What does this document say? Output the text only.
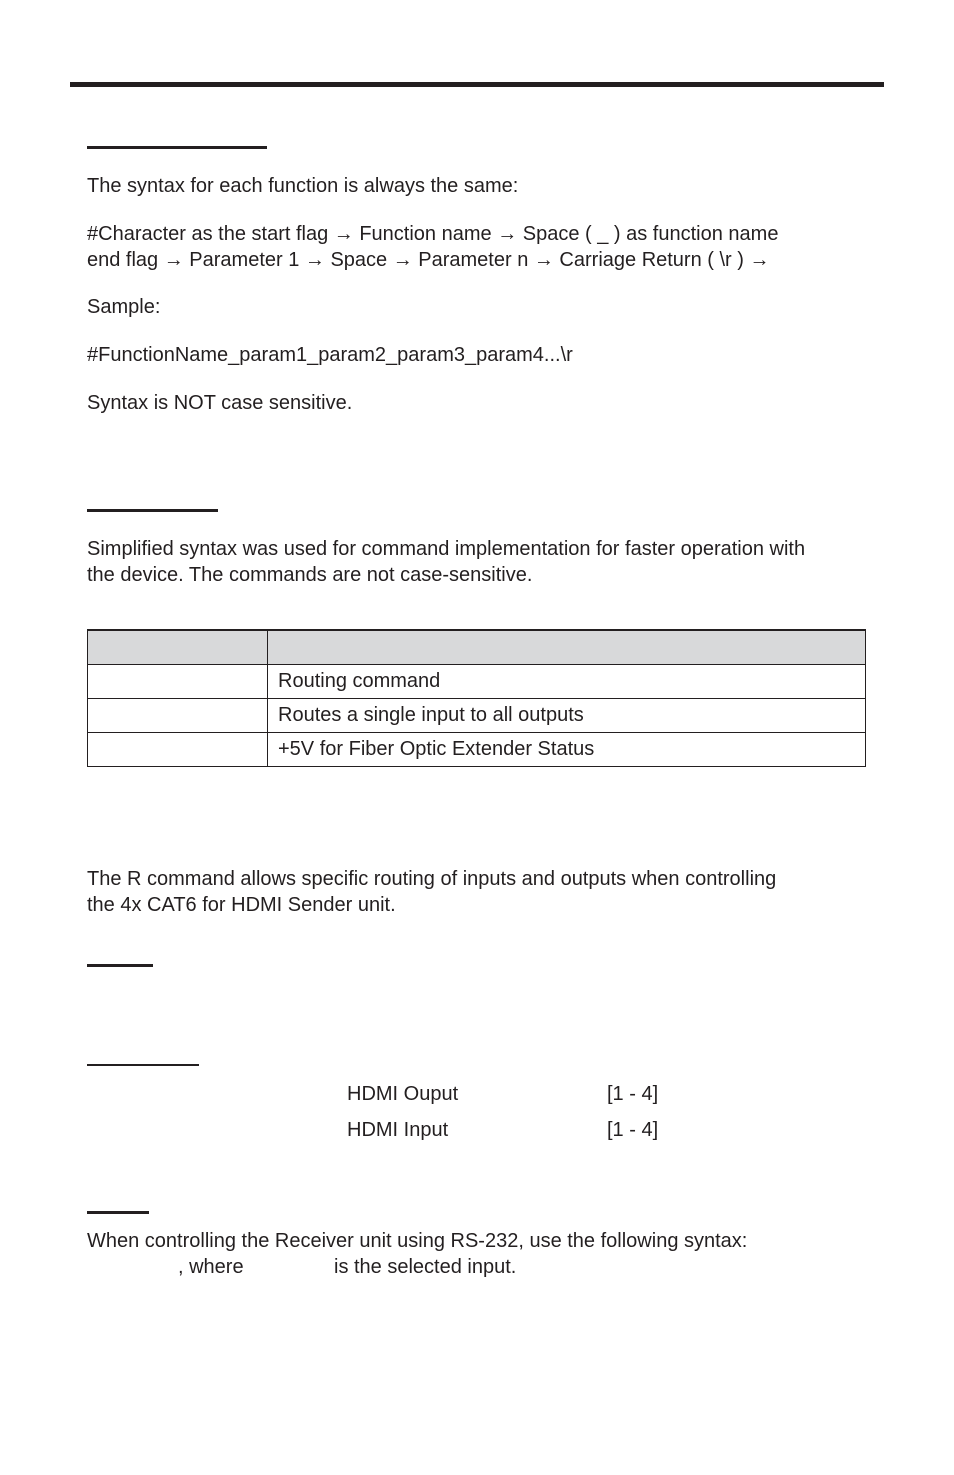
The syntax for each function is always the same:
#Character as the start flag → Function name → Space ( _ ) as function name
end flag → Parameter 1 → Space → Parameter n → Carriage Return ( \r ) →
Sample:
#FunctionName_param1_param2_param3_param4...\r
Syntax is NOT case sensitive.
Simplified syntax was used for command implementation for faster operation with
the device. The commands are not case-sensitive.

	Routing command
	Routes a single input to all outputs
	+5V for Fiber Optic Extender Status
The R command allows specific routing of inputs and outputs when controlling
the 4x CAT6 for HDMI Sender unit.
HDMI Ouput	[1 - 4]
HDMI Input	[1 - 4]
When controlling the Receiver unit using RS-232, use the following syntax:
, where	is the selected input.
